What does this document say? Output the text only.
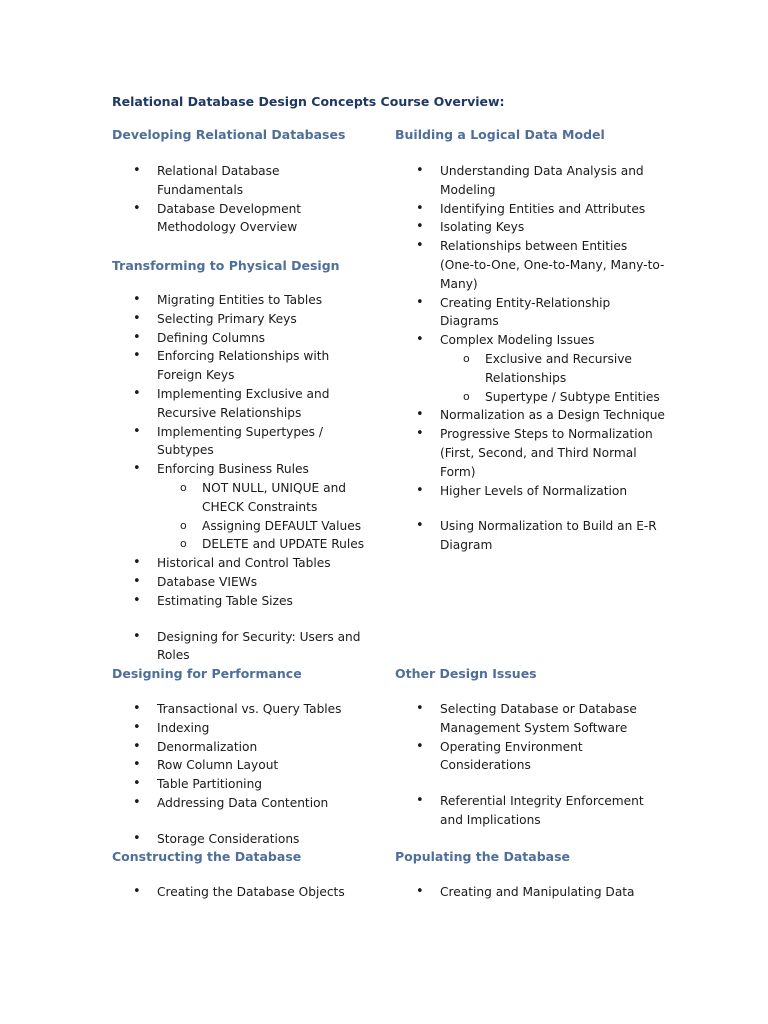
Relational Database Design Concepts Course Overview:
Developing Relational Databases
• Relational Database Fundamentals
• Database Development Methodology Overview
Transforming to Physical Design
• Migrating Entities to Tables
• Selecting Primary Keys
• Defining Columns
• Enforcing Relationships with Foreign Keys
• Implementing Exclusive and Recursive Relationships
• Implementing Supertypes / Subtypes
• Enforcing Business Rules
o NOT NULL, UNIQUE and CHECK Constraints
o Assigning DEFAULT Values
o DELETE and UPDATE Rules
• Historical and Control Tables
• Database VIEWs
• Estimating Table Sizes
• Designing for Security: Users and Roles
Building a Logical Data Model
• Understanding Data Analysis and Modeling
• Identifying Entities and Attributes
• Isolating Keys
• Relationships between Entities (One-to-One, One-to-Many, Many-to-Many)
• Creating Entity-Relationship Diagrams
• Complex Modeling Issues
o Exclusive and Recursive Relationships
o Supertype / Subtype Entities
• Normalization as a Design Technique
• Progressive Steps to Normalization (First, Second, and Third Normal Form)
• Higher Levels of Normalization
• Using Normalization to Build an E-R Diagram
Designing for Performance
• Transactional vs. Query Tables
• Indexing
• Denormalization
• Row Column Layout
• Table Partitioning
• Addressing Data Contention
• Storage Considerations
Other Design Issues
• Selecting Database or Database Management System Software
• Operating Environment Considerations
• Referential Integrity Enforcement and Implications
Constructing the Database
• Creating the Database Objects
Populating the Database
• Creating and Manipulating Data
